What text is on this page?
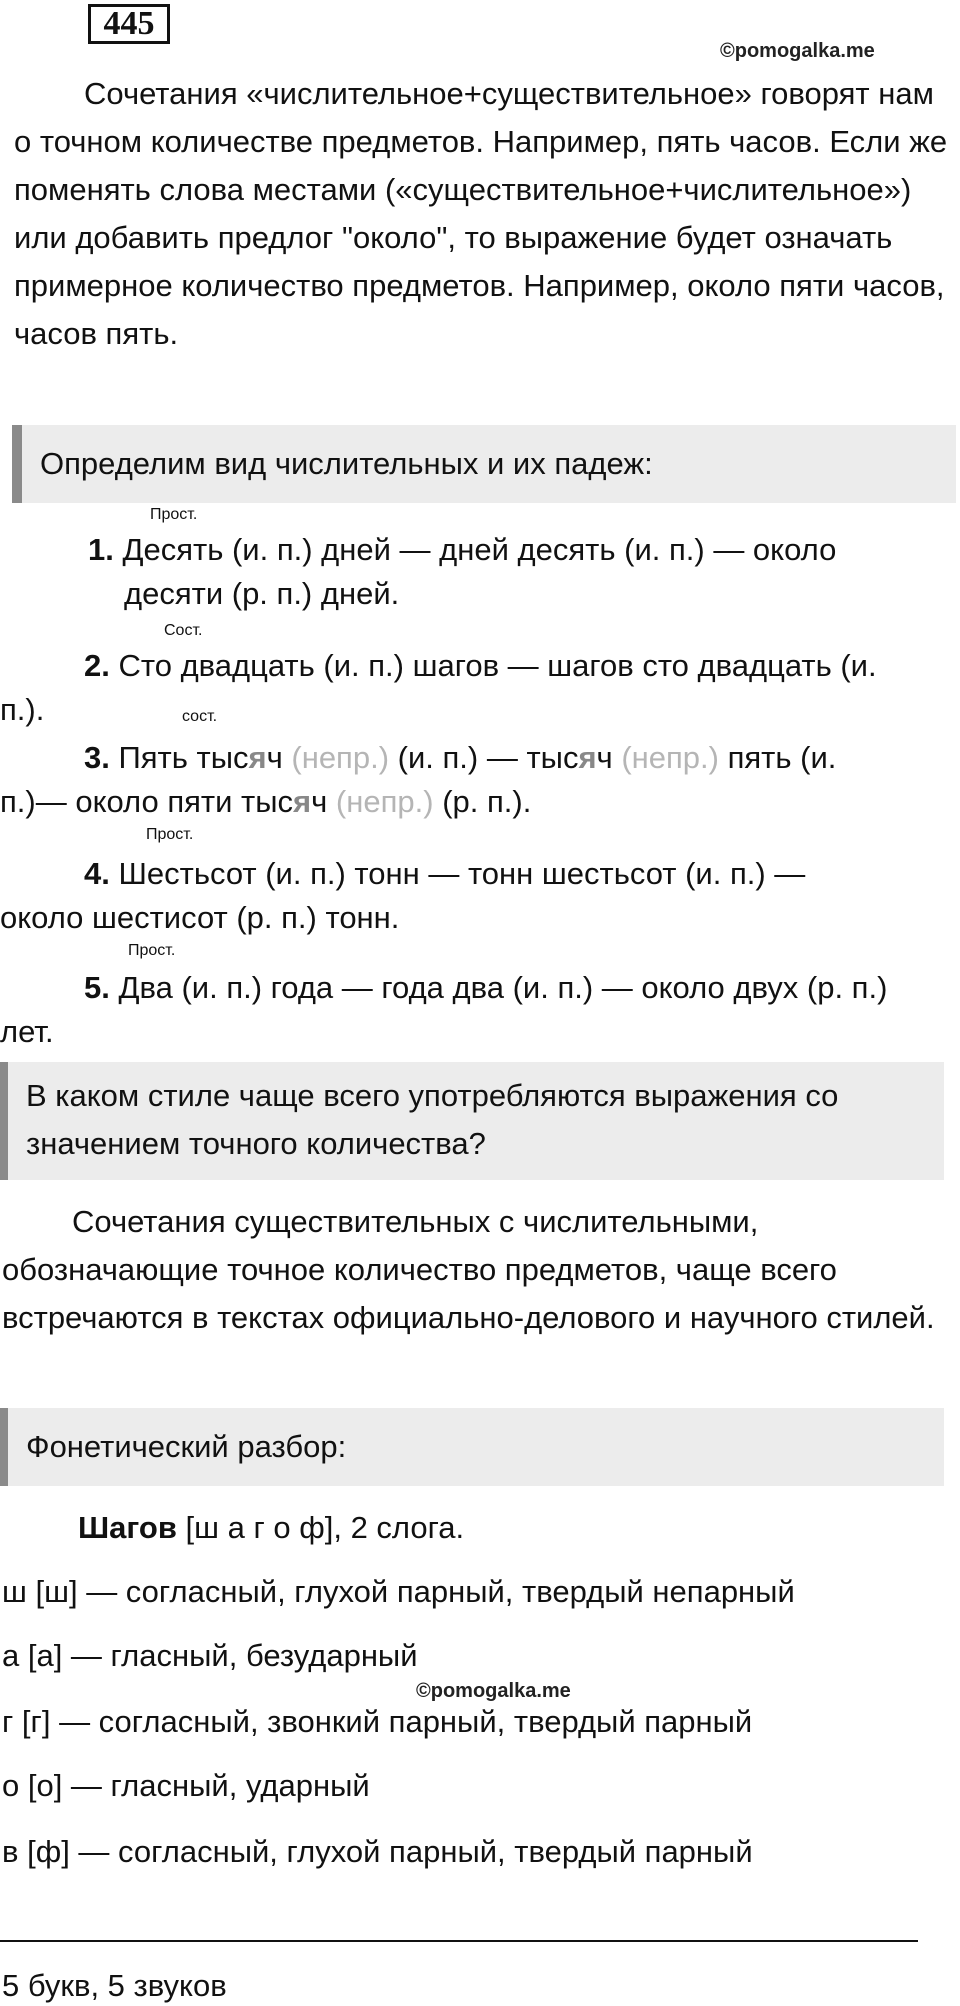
445
©pomogalka.me

Сочетания «числительное+существительное» говорят нам о точном количестве предметов. Например, пять часов. Если же поменять слова местами («существительное+числительное») или добавить предлог "около", то выражение будет означать примерное количество предметов. Например, около пяти часов, часов пять.

Определим вид числительных и их падеж:
Прост.
1. Десять (и. п.) дней — дней десять (и. п.) — около
десяти (р. п.) дней.
Сост.
2. Сто двадцать (и. п.) шагов — шагов сто двадцать (и.
п.).	сост.
3. Пять тысяч (непр.) (и. п.) — тысяч (непр.) пять (и.
п.)— около пяти тысяч (непр.) (р. п.).
Прост.
4. Шестьсот (и. п.) тонн — тонн шестьсот (и. п.) —
около шестисот (р. п.) тонн.
Прост.
5. Два (и. п.) года — года два (и. п.) — около двух (р. п.)
лет.
В каком стиле чаще всего употребляются выражения со
значением точного количества?

Сочетания существительных с числительными, обозначающие точное количество предметов, чаще всего встречаются в текстах официально-делового и научного стилей.

Фонетический разбор:
Шагов [ш а г о ф], 2 слога.
ш [ш] — согласный, глухой парный, твердый непарный
а [а] — гласный, безударный
©pomogalka.me
г [г] — согласный, звонкий парный, твердый парный
о [о] — гласный, ударный
в [ф] — согласный, глухой парный, твердый парный
5 букв, 5 звуков
